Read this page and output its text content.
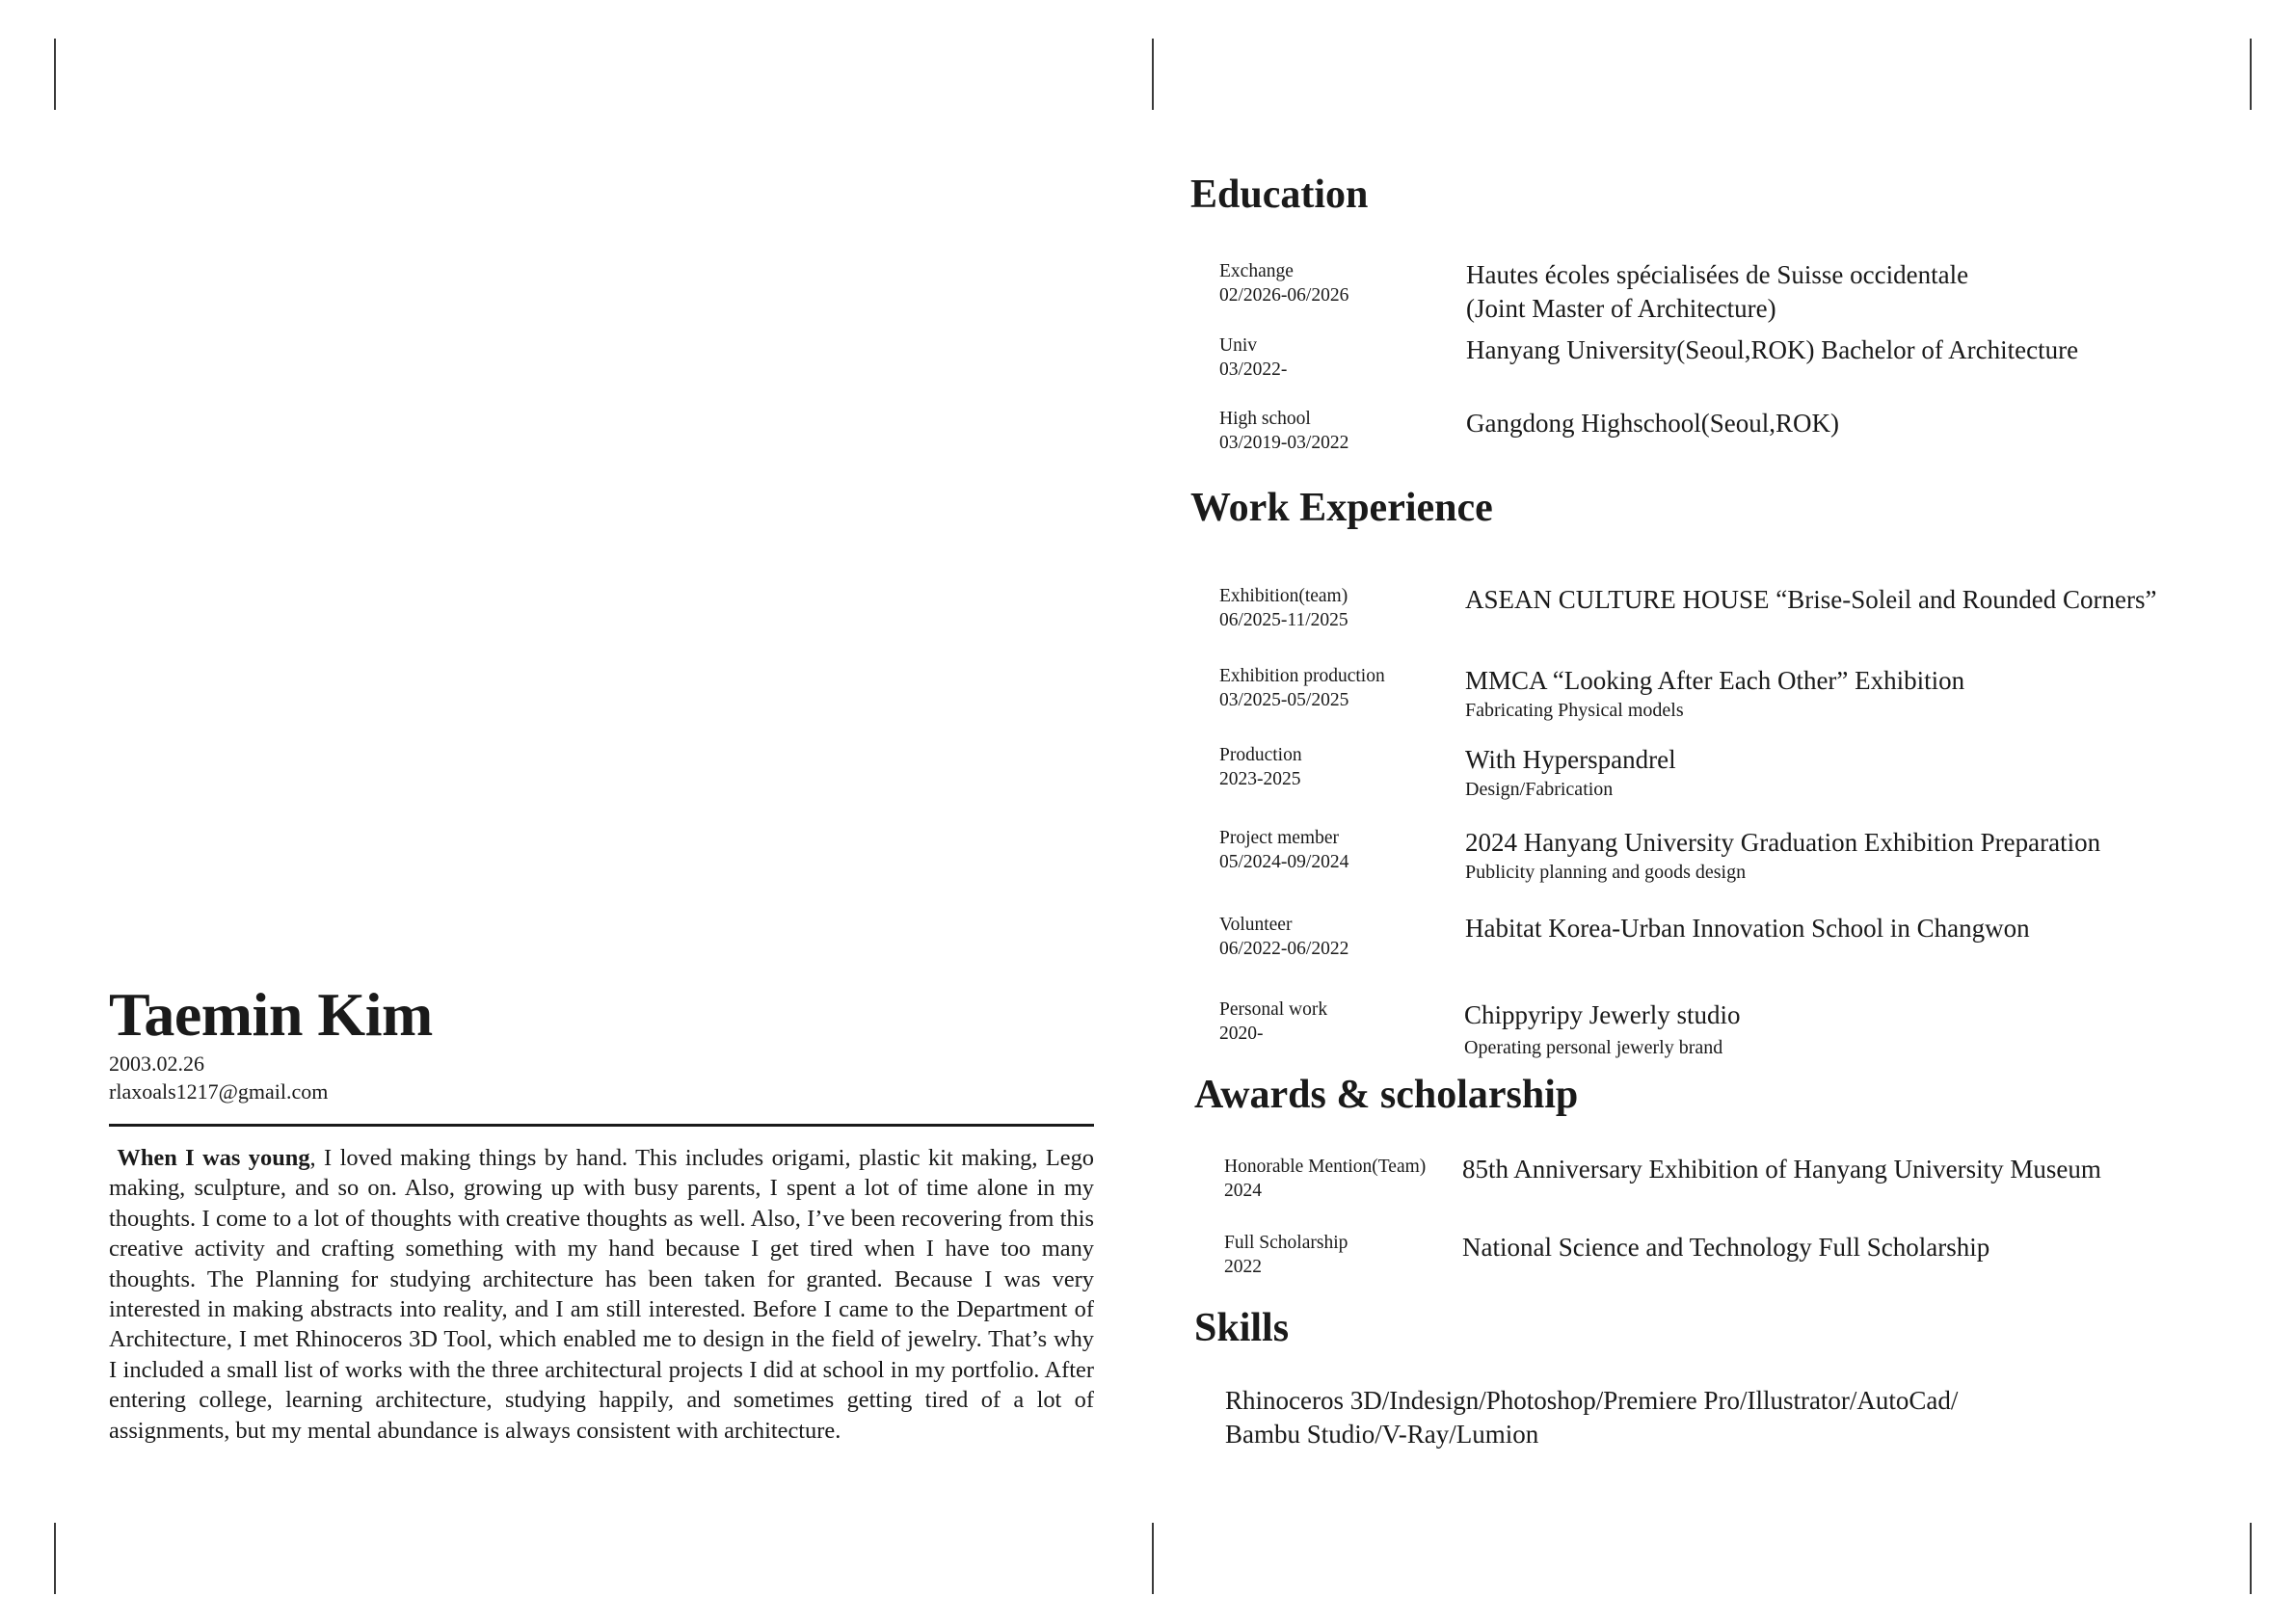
Taemin Kim
2003.02.26
rlaxoals1217@gmail.com
When I was young, I loved making things by hand. This includes origami, plastic kit making, Lego making, sculpture, and so on. Also, growing up with busy parents, I spent a lot of time alone in my thoughts. I come to a lot of thoughts with creative thoughts as well. Also, I’ve been recovering from this creative activity and crafting something with my hand because I get tired when I have too many thoughts. The Planning for studying architecture has been taken for granted. Because I was very interested in making abstracts into reality, and I am still interested. Before I came to the Department of Architecture, I met Rhinoceros 3D Tool, which enabled me to design in the field of jewelry. That’s why I included a small list of works with the three architectural projects I did at school in my portfolio. After entering college, learning architecture, studying happily, and sometimes getting tired of a lot of assignments, but my mental abundance is always consistent with architecture.
Education
Exchange
02/2026-06/2026
Hautes écoles spécialisées de Suisse occidentale
(Joint Master of Architecture)
Univ
03/2022-
Hanyang University(Seoul,ROK) Bachelor of Architecture
High school
03/2019-03/2022
Gangdong Highschool(Seoul,ROK)
Work Experience
Exhibition(team)
06/2025-11/2025
ASEAN CULTURE HOUSE “Brise-Soleil and Rounded Corners”
Exhibition production
03/2025-05/2025
MMCA “Looking After Each Other” Exhibition
Fabricating Physical models
Production
2023-2025
With Hyperspandrel
Design/Fabrication
Project member
05/2024-09/2024
2024 Hanyang University Graduation Exhibition Preparation
Publicity planning and goods design
Volunteer
06/2022-06/2022
Habitat Korea-Urban Innovation School in Changwon
Personal work
2020-
Chippyripy Jewerly studio
Operating personal jewerly brand
Awards & scholarship
Honorable Mention(Team)
2024
85th Anniversary Exhibition of Hanyang University Museum
Full Scholarship
2022
National Science and Technology Full Scholarship
Skills
Rhinoceros 3D/Indesign/Photoshop/Premiere Pro/Illustrator/AutoCad/
Bambu Studio/V-Ray/Lumion
